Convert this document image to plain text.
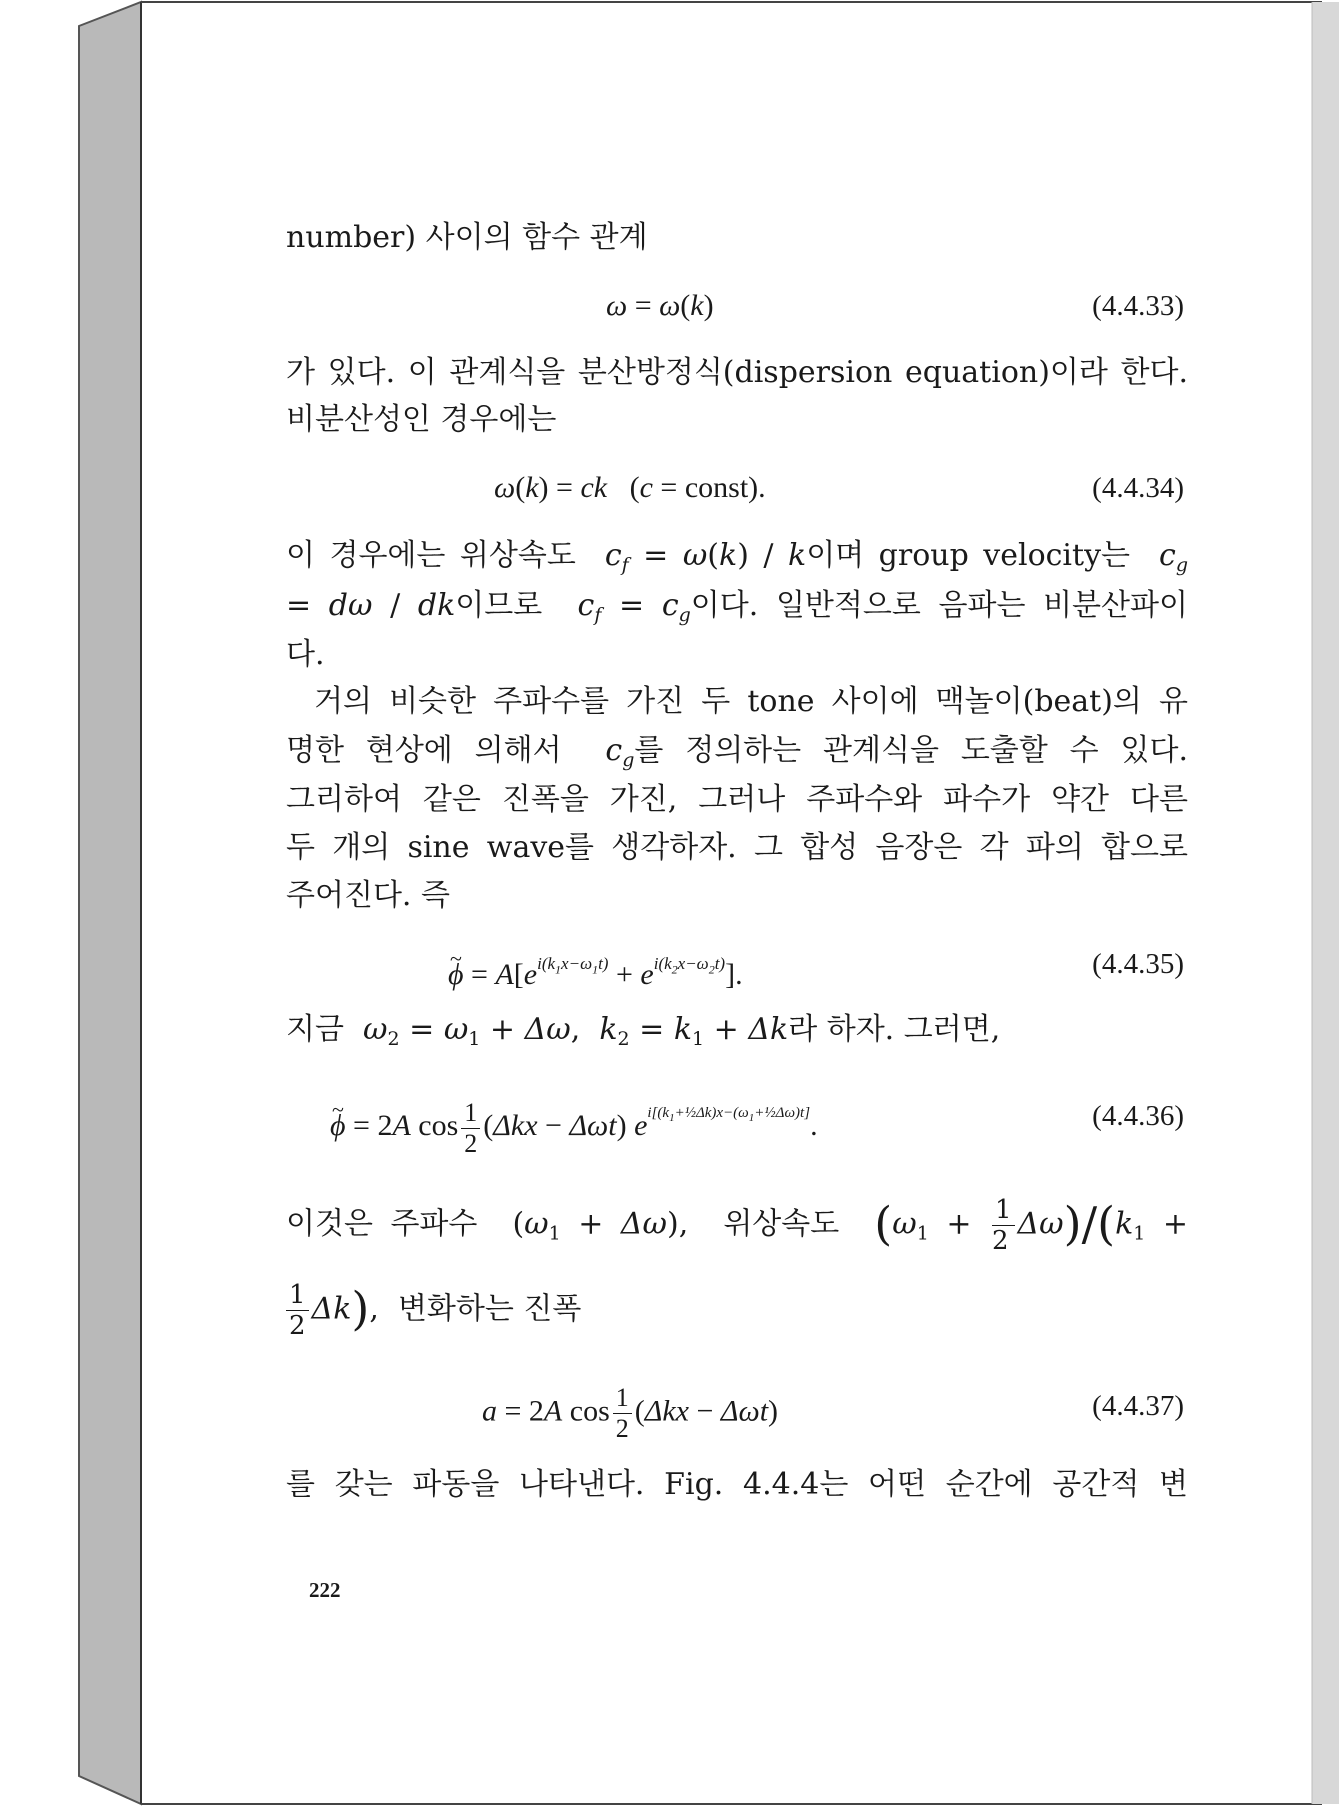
number) 사이의 함수 관계
ω = ω(k)	(4.4.33)
가 있다. 이 관계식을 분산방정식(dispersion equation)이라 한다.
비분산성인 경우에는
ω(k) = ck   (c = const).	(4.4.34)
이 경우에는 위상속도 $c_f = \omega(k) / k$이며 group velocity는 $c_g$
= dω / dk이므로 $c_f = c_g$이다. 일반적으로 음파는 비분산파이
다.
거의 비슷한 주파수를 가진 두 tone 사이에 맥놀이(beat)의 유
명한 현상에 의해서 $c_g$를 정의하는 관계식을 도출할 수 있다.
그리하여 같은 진폭을 가진, 그러나 주파수와 파수가 약간 다른
두 개의 sine wave를 생각하자. 그 합성 음장은 각 파의 합으로
주어진다. 즉
ϕ ~ = $A[e^{i(k_1x-\omega_1t)} + e^{i(k_2x-\omega_2t)}]$.	(4.4.35)
지금 $\omega_2 = \omega_1 + \Delta\omega$,  $k_2 = k_1 + \Delta k$라 하자. 그러면,
ϕ ~ = 2A $\cos \frac{1}{2} (\Delta kx - \Delta\omega t)$ $e^{i[(k_1+\frac{1}{2}\Delta k)x-(\omega_1+\frac{1}{2}\Delta\omega)t]}$.	(4.4.36)
이것은 주파수  $(\omega_1 + \Delta\omega)$,  위상속도 $(\omega_1 + \frac{1}{2} \Delta\omega)/(k_1$ +
$\frac{1}{2} \Delta k$),  변화하는 진폭
a = 2A $\cos \frac{1}{2} (\Delta kx - \Delta\omega t)$	(4.4.37)
를 갖는 파동을 나타낸다. Fig. 4.4.4는 어떤 순간에 공간적 변
222
